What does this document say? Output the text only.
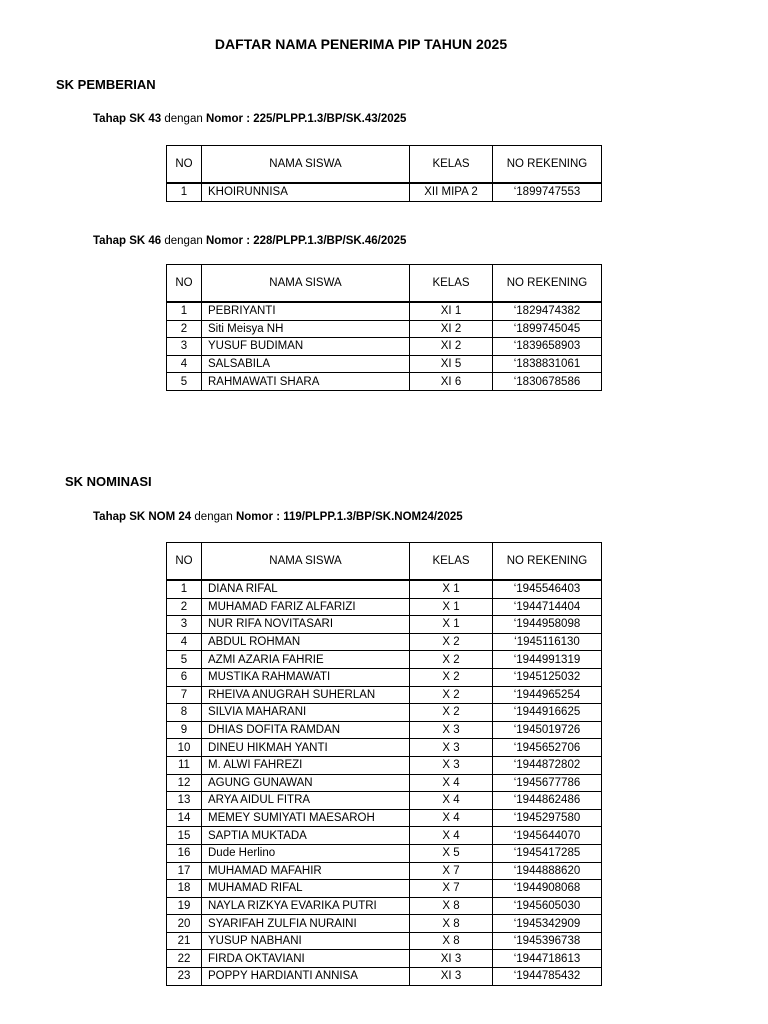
DAFTAR NAMA PENERIMA PIP TAHUN 2025
SK PEMBERIAN
Tahap SK 43 dengan Nomor : 225/PLPP.1.3/BP/SK.43/2025
NO	NAMA SISWA	KELAS	NO REKENING
1	KHOIRUNNISA	XII MIPA 2	‘1899747553
Tahap SK 46 dengan Nomor : 228/PLPP.1.3/BP/SK.46/2025
NO	NAMA SISWA	KELAS	NO REKENING
1	PEBRIYANTI	XI 1	‘1829474382
2	Siti Meisya NH	XI 2	‘1899745045
3	YUSUF BUDIMAN	XI 2	‘1839658903
4	SALSABILA	XI 5	‘1838831061
5	RAHMAWATI SHARA	XI 6	‘1830678586
SK NOMINASI
Tahap SK NOM 24 dengan Nomor : 119/PLPP.1.3/BP/SK.NOM24/2025
NO	NAMA SISWA	KELAS	NO REKENING
1	DIANA RIFAL	X 1	‘1945546403
2	MUHAMAD FARIZ ALFARIZI	X 1	‘1944714404
3	NUR RIFA NOVITASARI	X 1	‘1944958098
4	ABDUL ROHMAN	X 2	‘1945116130
5	AZMI AZARIA FAHRIE	X 2	‘1944991319
6	MUSTIKA RAHMAWATI	X 2	‘1945125032
7	RHEIVA ANUGRAH SUHERLAN	X 2	‘1944965254
8	SILVIA MAHARANI	X 2	‘1944916625
9	DHIAS DOFITA RAMDAN	X 3	‘1945019726
10	DINEU HIKMAH YANTI	X 3	‘1945652706
11	M. ALWI FAHREZI	X 3	‘1944872802
12	AGUNG GUNAWAN	X 4	‘1945677786
13	ARYA AIDUL FITRA	X 4	‘1944862486
14	MEMEY SUMIYATI MAESAROH	X 4	‘1945297580
15	SAPTIA MUKTADA	X 4	‘1945644070
16	Dude Herlino	X 5	‘1945417285
17	MUHAMAD MAFAHIR	X 7	‘1944888620
18	MUHAMAD RIFAL	X 7	‘1944908068
19	NAYLA RIZKYA EVARIKA PUTRI	X 8	‘1945605030
20	SYARIFAH ZULFIA NURAINI	X 8	‘1945342909
21	YUSUP NABHANI	X 8	‘1945396738
22	FIRDA OKTAVIANI	XI 3	‘1944718613
23	POPPY HARDIANTI ANNISA	XI 3	‘1944785432
